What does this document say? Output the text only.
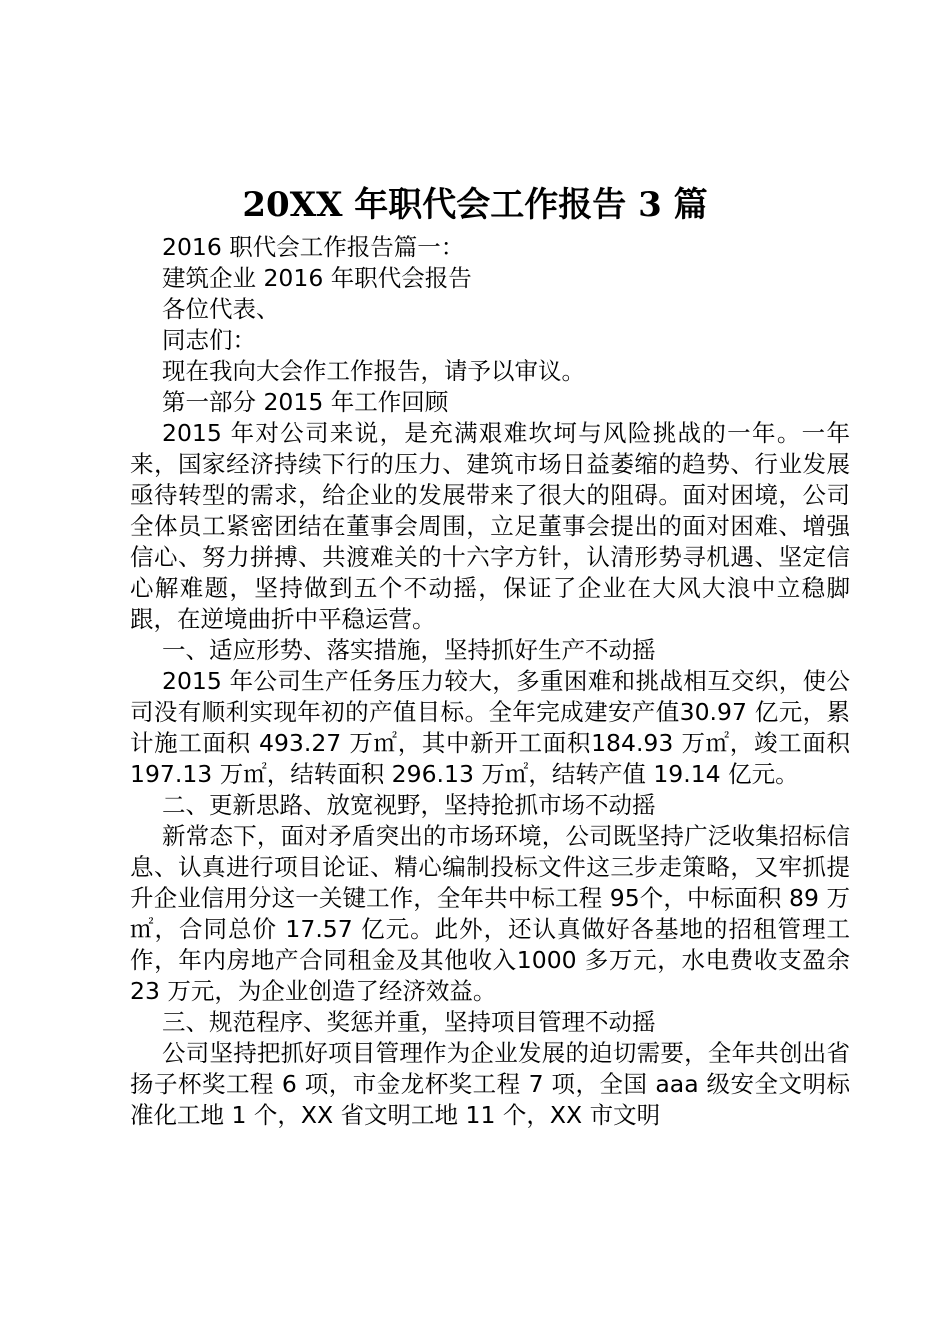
20XX 年职代会工作报告 3 篇

2016 职代会工作报告篇一：

建筑企业 2016 年职代会报告

各位代表、

同志们：

现在我向大会作工作报告，请予以审议。

第一部分 2015 年工作回顾

2015 年对公司来说，是充满艰难坎坷与风险挑战的一年。一年来，国家经济持续下行的压力、建筑市场日益萎缩的趋势、行业发展亟待转型的需求，给企业的发展带来了很大的阻碍。面对困境，公司全体员工紧密团结在董事会周围，立足董事会提出的面对困难、增强信心、努力拼搏、共渡难关的十六字方针，认清形势寻机遇、坚定信心解难题，坚持做到五个不动摇，保证了企业在大风大浪中立稳脚跟，在逆境曲折中平稳运营。

一、适应形势、落实措施，坚持抓好生产不动摇

2015 年公司生产任务压力较大，多重困难和挑战相互交织，使公司没有顺利实现年初的产值目标。全年完成建安产值30.97 亿元，累计施工面积 493.27 万㎡，其中新开工面积184.93 万㎡，竣工面积 197.13 万㎡，结转面积 296.13 万㎡，结转产值 19.14 亿元。

二、更新思路、放宽视野，坚持抢抓市场不动摇

新常态下，面对矛盾突出的市场环境，公司既坚持广泛收集招标信息、认真进行项目论证、精心编制投标文件这三步走策略，又牢抓提升企业信用分这一关键工作，全年共中标工程 95个，中标面积 89 万㎡，合同总价 17.57 亿元。此外，还认真做好各基地的招租管理工作，年内房地产合同租金及其他收入1000 多万元，水电费收支盈余 23 万元，为企业创造了经济效益。

三、规范程序、奖惩并重，坚持项目管理不动摇

公司坚持把抓好项目管理作为企业发展的迫切需要，全年共创出省扬子杯奖工程 6 项，市金龙杯奖工程 7 项，全国 aaa 级安全文明标准化工地 1 个，XX 省文明工地 11 个，XX 市文明
